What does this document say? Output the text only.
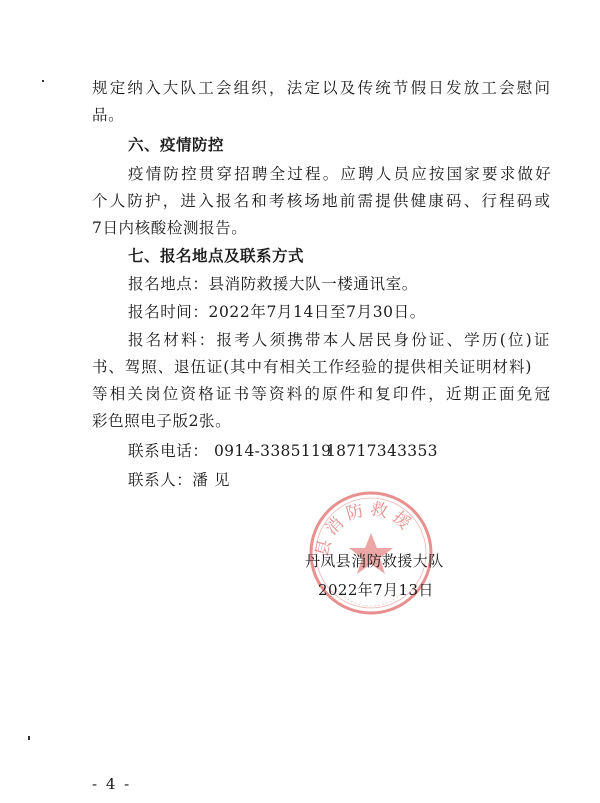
规定纳入大队工会组织，法定以及传统节假日发放工会慰问
品。
六、疫情防控
疫情防控贯穿招聘全过程。应聘人员应按国家要求做好
个人防护，进入报名和考核场地前需提供健康码、行程码或
7日内核酸检测报告。
七、报名地点及联系方式
报名地点：县消防救援大队一楼通讯室。
报名时间：2022年7月14日至7月30日。
报名材料：报考人须携带本人居民身份证、学历(位)证
书、驾照、退伍证(其中有相关工作经验的提供相关证明材料)
等相关岗位资格证书等资料的原件和复印件，近期正面免冠
彩色照电子版2张。
联系电话： 0914-3385119
18717343353
联系人：潘 见
县消防救援
丹凤县消防救援大队
2022年7月13日
- 4 -
